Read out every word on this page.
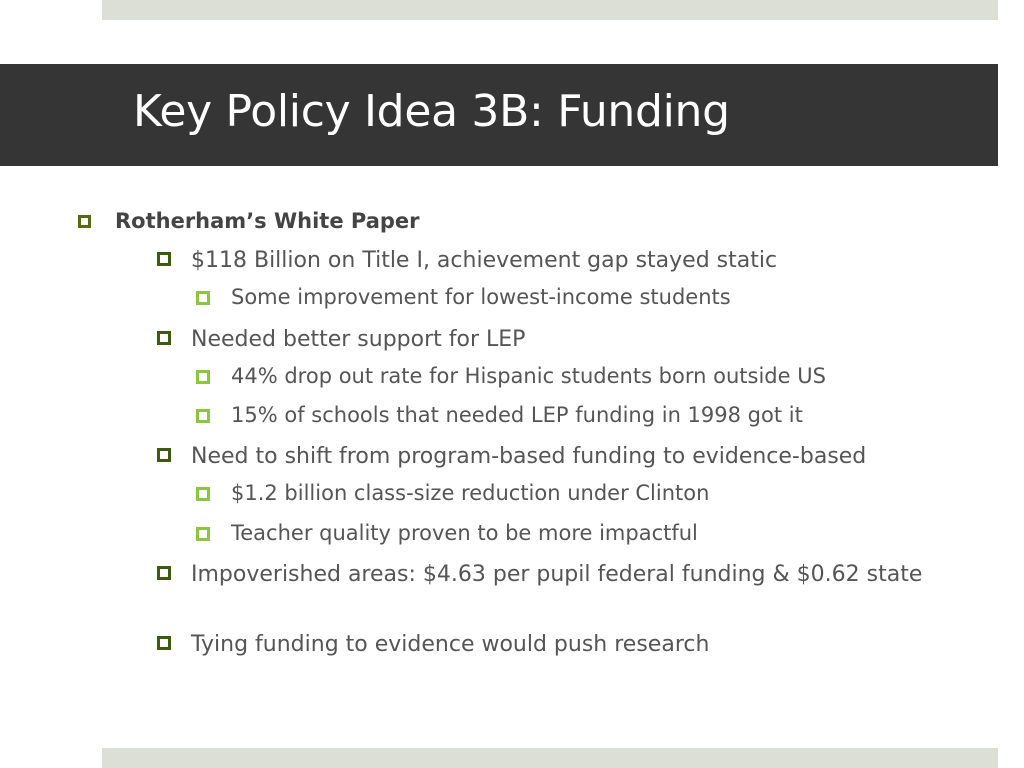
Key Policy Idea 3B: Funding
Rotherham’s White Paper
$118 Billion on Title I, achievement gap stayed static
Some improvement for lowest-income students
Needed better support for LEP
44% drop out rate for Hispanic students born outside US
15% of schools that needed LEP funding in 1998 got it
Need to shift from program-based funding to evidence-based
$1.2 billion class-size reduction under Clinton
Teacher quality proven to be more impactful
Impoverished areas: $4.63 per pupil federal funding & $0.62 state
Tying funding to evidence would push research
